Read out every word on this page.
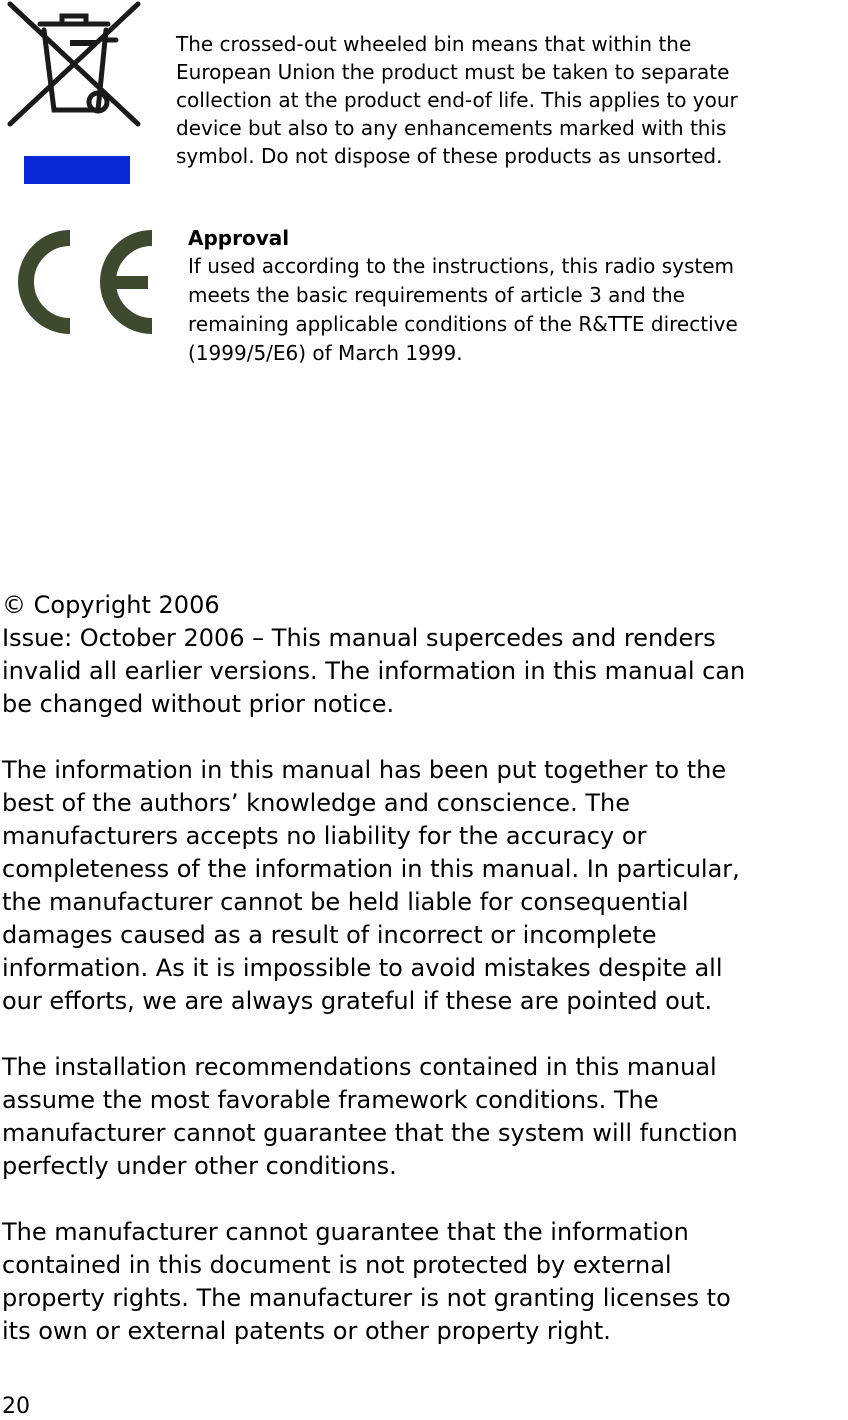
The crossed-out wheeled bin means that within the
European Union the product must be taken to separate
collection at the product end-of life. This applies to your
device but also to any enhancements marked with this
symbol. Do not dispose of these products as unsorted.

Approval

If used according to the instructions, this radio system
meets the basic requirements of article 3 and the
remaining applicable conditions of the R&TTE directive
(1999/5/E6) of March 1999.

© Copyright 2006
Issue: October 2006 – This manual supercedes and renders
invalid all earlier versions. The information in this manual can
be changed without prior notice.

The information in this manual has been put together to the
best of the authors’ knowledge and conscience. The
manufacturers accepts no liability for the accuracy or
completeness of the information in this manual. In particular,
the manufacturer cannot be held liable for consequential
damages caused as a result of incorrect or incomplete
information. As it is impossible to avoid mistakes despite all
our efforts, we are always grateful if these are pointed out.

The installation recommendations contained in this manual
assume the most favorable framework conditions. The
manufacturer cannot guarantee that the system will function
perfectly under other conditions.

The manufacturer cannot guarantee that the information
contained in this document is not protected by external
property rights. The manufacturer is not granting licenses to
its own or external patents or other property right.

20
